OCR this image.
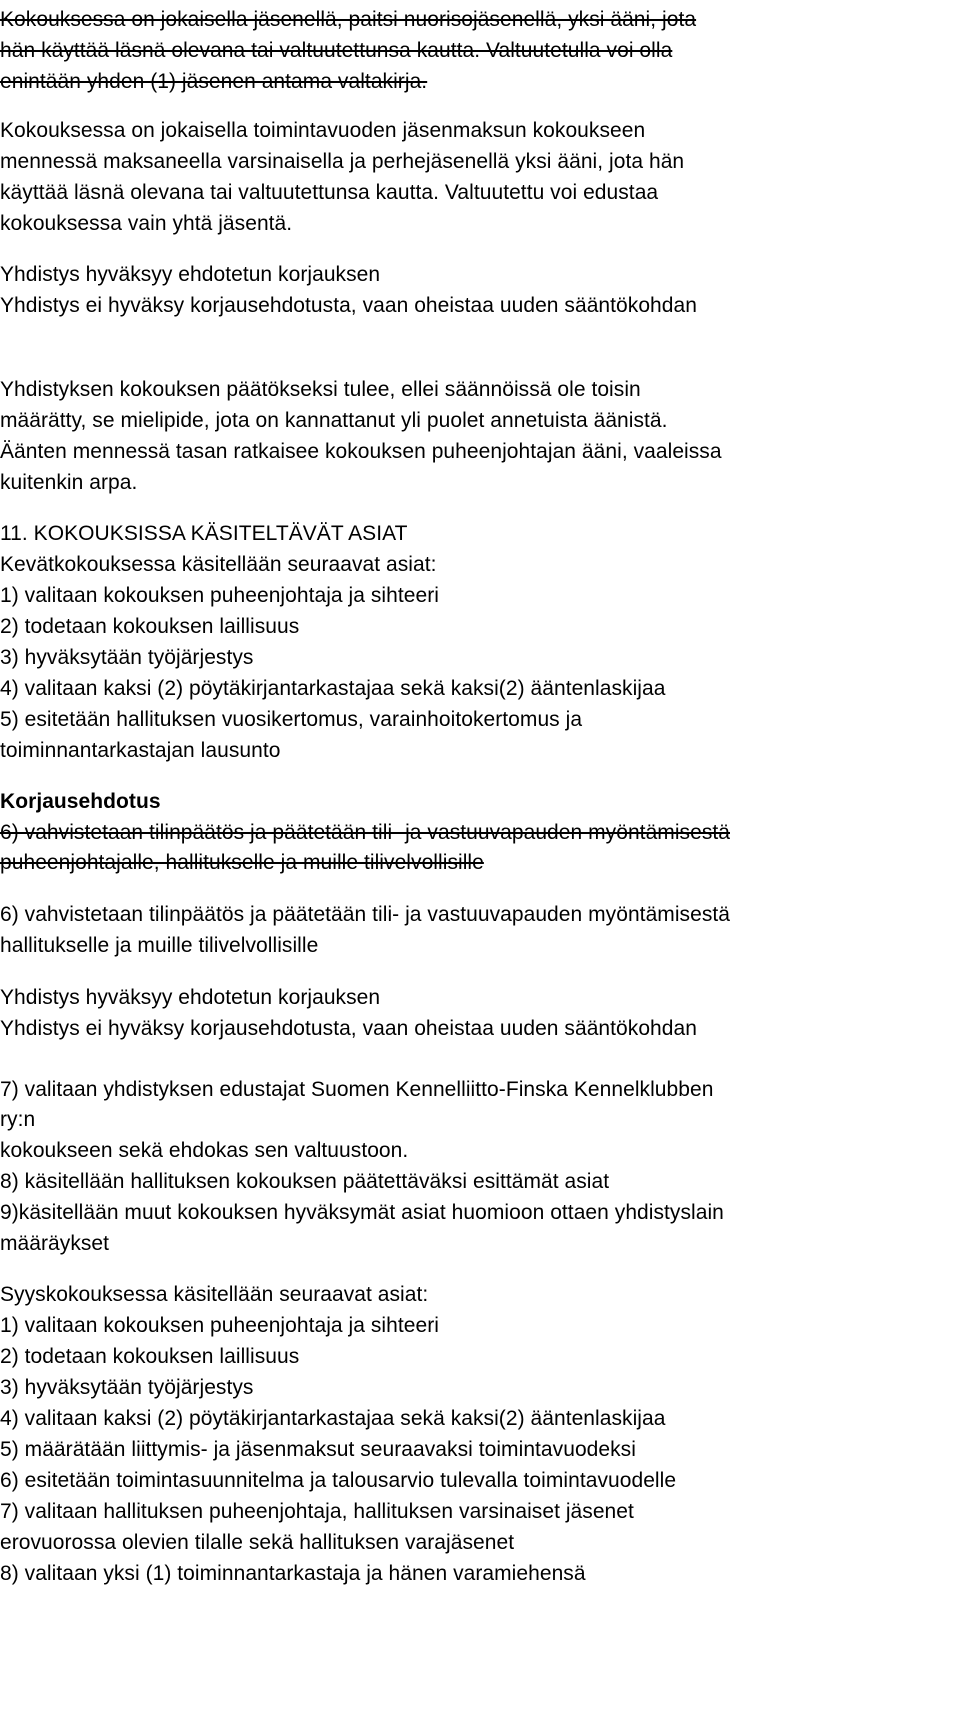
Kokouksessa on jokaisella jäsenellä, paitsi nuorisojäsenellä, yksi ääni, jota
hän käyttää läsnä olevana tai valtuutettunsa kautta. Valtuutetulla voi olla
enintään yhden (1) jäsenen antama valtakirja.
Kokouksessa on jokaisella toimintavuoden jäsenmaksun kokoukseen
mennessä maksaneella varsinaisella ja perhejäsenellä yksi ääni, jota hän
käyttää läsnä olevana tai valtuutettunsa kautta. Valtuutettu voi edustaa
kokouksessa vain yhtä jäsentä.
Yhdistys hyväksyy ehdotetun korjauksen
Yhdistys ei hyväksy korjausehdotusta, vaan oheistaa uuden sääntökohdan
Yhdistyksen kokouksen päätökseksi tulee, ellei säännöissä ole toisin
määrätty, se mielipide, jota on kannattanut yli puolet annetuista äänistä.
Äänten mennessä tasan ratkaisee kokouksen puheenjohtajan ääni, vaaleissa
kuitenkin arpa.
11. KOKOUKSISSA KÄSITELTÄVÄT ASIAT
Kevätkokouksessa käsitellään seuraavat asiat:
1) valitaan kokouksen puheenjohtaja ja sihteeri
2) todetaan kokouksen laillisuus
3) hyväksytään työjärjestys
4) valitaan kaksi (2) pöytäkirjantarkastajaa sekä kaksi(2) ääntenlaskijaa
5) esitetään hallituksen vuosikertomus, varainhoitokertomus ja
toiminnantarkastajan lausunto
Korjausehdotus
6) vahvistetaan tilinpäätös ja päätetään tili- ja vastuuvapauden myöntämisestä
puheenjohtajalle, hallitukselle ja muille tilivelvollisille
6) vahvistetaan tilinpäätös ja päätetään tili- ja vastuuvapauden myöntämisestä
hallitukselle ja muille tilivelvollisille
Yhdistys hyväksyy ehdotetun korjauksen
Yhdistys ei hyväksy korjausehdotusta, vaan oheistaa uuden sääntökohdan
7) valitaan yhdistyksen edustajat Suomen Kennelliitto-Finska Kennelklubben
ry:n
kokoukseen sekä ehdokas sen valtuustoon.
8) käsitellään hallituksen kokouksen päätettäväksi esittämät asiat
9)käsitellään muut kokouksen hyväksymät asiat huomioon ottaen yhdistyslain
määräykset
Syyskokouksessa käsitellään seuraavat asiat:
1) valitaan kokouksen puheenjohtaja ja sihteeri
2) todetaan kokouksen laillisuus
3) hyväksytään työjärjestys
4) valitaan kaksi (2) pöytäkirjantarkastajaa sekä kaksi(2) ääntenlaskijaa
5) määrätään liittymis- ja jäsenmaksut seuraavaksi toimintavuodeksi
6) esitetään toimintasuunnitelma ja talousarvio tulevalla toimintavuodelle
7) valitaan hallituksen puheenjohtaja, hallituksen varsinaiset jäsenet
erovuorossa olevien tilalle sekä hallituksen varajäsenet
8) valitaan yksi (1) toiminnantarkastaja ja hänen varamiehensä
